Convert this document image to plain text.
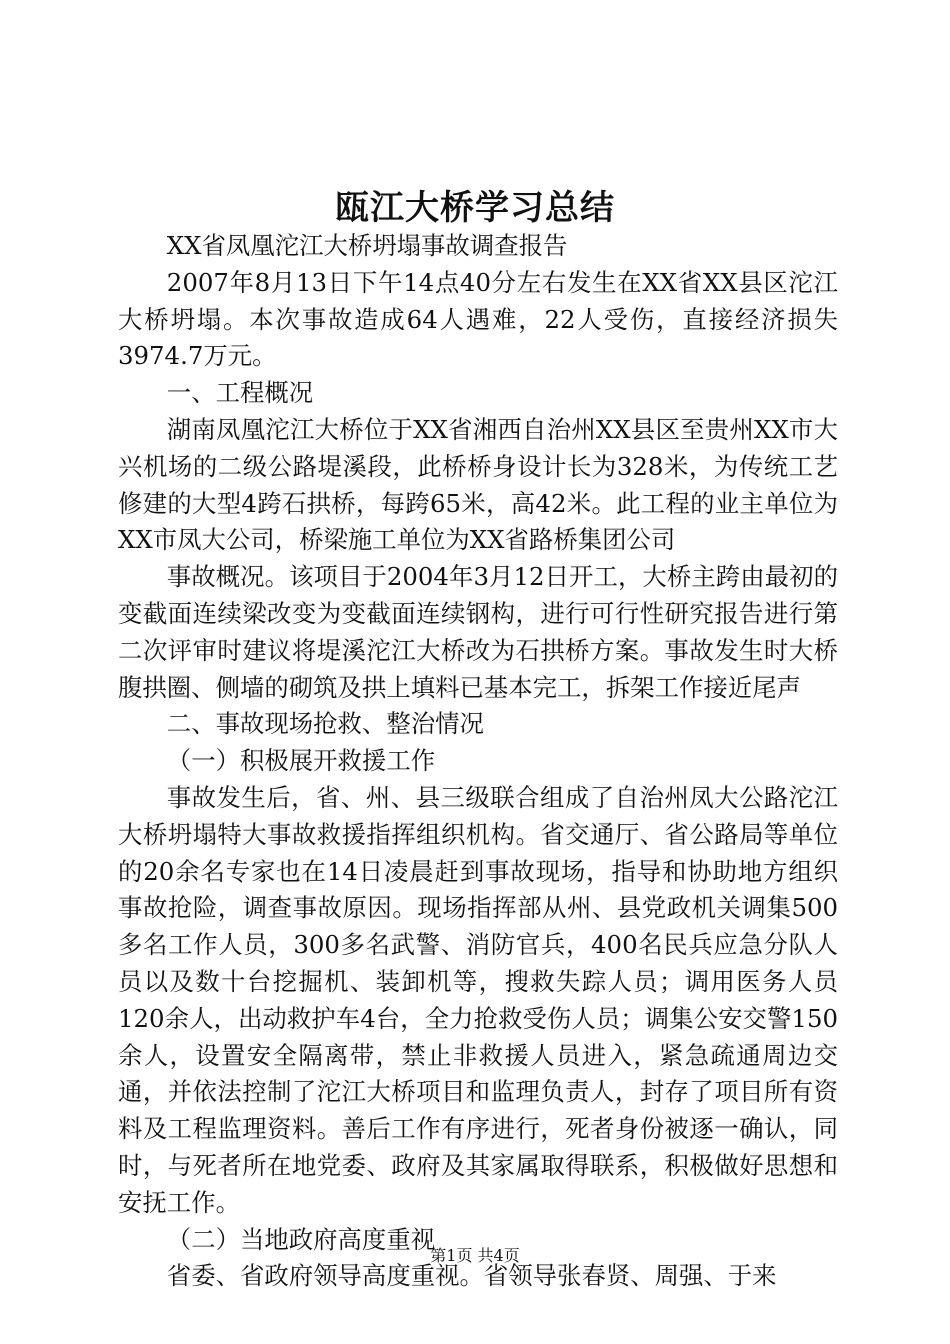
瓯江大桥学习总结

XX省凤凰沱江大桥坍塌事故调查报告

2007年8月13日下午14点40分左右发生在XX省XX县区沱江大桥坍塌。本次事故造成64人遇难，22人受伤，直接经济损失3974.7万元。

一、工程概况

湖南凤凰沱江大桥位于XX省湘西自治州XX县区至贵州XX市大兴机场的二级公路堤溪段，此桥桥身设计长为328米，为传统工艺修建的大型4跨石拱桥，每跨65米，高42米。此工程的业主单位为XX市凤大公司，桥梁施工单位为XX省路桥集团公司

事故概况。该项目于2004年3月12日开工，大桥主跨由最初的变截面连续梁改变为变截面连续钢构，进行可行性研究报告进行第二次评审时建议将堤溪沱江大桥改为石拱桥方案。事故发生时大桥腹拱圈、侧墙的砌筑及拱上填料已基本完工，拆架工作接近尾声

二、事故现场抢救、整治情况

（一）积极展开救援工作

事故发生后，省、州、县三级联合组成了自治州凤大公路沱江大桥坍塌特大事故救援指挥组织机构。省交通厅、省公路局等单位的20余名专家也在14日凌晨赶到事故现场，指导和协助地方组织事故抢险，调查事故原因。现场指挥部从州、县党政机关调集500多名工作人员，300多名武警、消防官兵，400名民兵应急分队人员以及数十台挖掘机、装卸机等，搜救失踪人员；调用医务人员120余人，出动救护车4台，全力抢救受伤人员；调集公安交警150余人，设置安全隔离带，禁止非救援人员进入，紧急疏通周边交通，并依法控制了沱江大桥项目和监理负责人，封存了项目所有资料及工程监理资料。善后工作有序进行，死者身份被逐一确认，同时，与死者所在地党委、政府及其家属取得联系，积极做好思想和安抚工作。

（二）当地政府高度重视

省委、省政府领导高度重视。省领导张春贤、周强、于来

第1页 共4页
